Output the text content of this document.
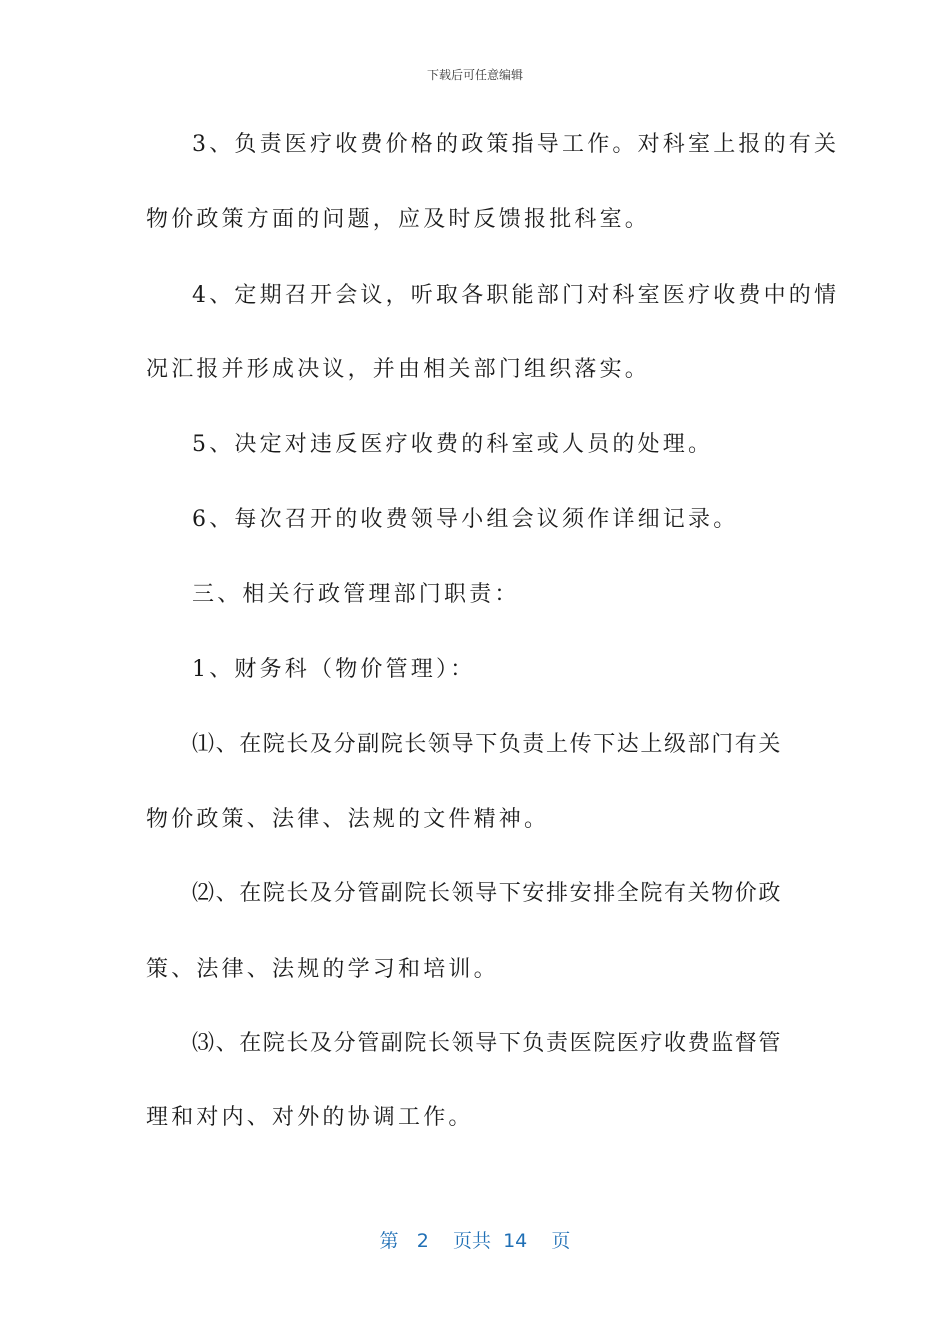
下载后可任意编辑
3、负责医疗收费价格的政策指导工作。对科室上报的有关
物价政策方面的问题，应及时反馈报批科室。
4、定期召开会议，听取各职能部门对科室医疗收费中的情
况汇报并形成决议，并由相关部门组织落实。
5、决定对违反医疗收费的科室或人员的处理。
6、每次召开的收费领导小组会议须作详细记录。
三、相关行政管理部门职责：
1、财务科（物价管理）：
⑴、在院长及分副院长领导下负责上传下达上级部门有关
物价政策、法律、法规的文件精神。
⑵、在院长及分管副院长领导下安排安排全院有关物价政
策、法律、法规的学习和培训。
⑶、在院长及分管副院长领导下负责医院医疗收费监督管
理和对内、对外的协调工作。
第 2 页共 14 页
